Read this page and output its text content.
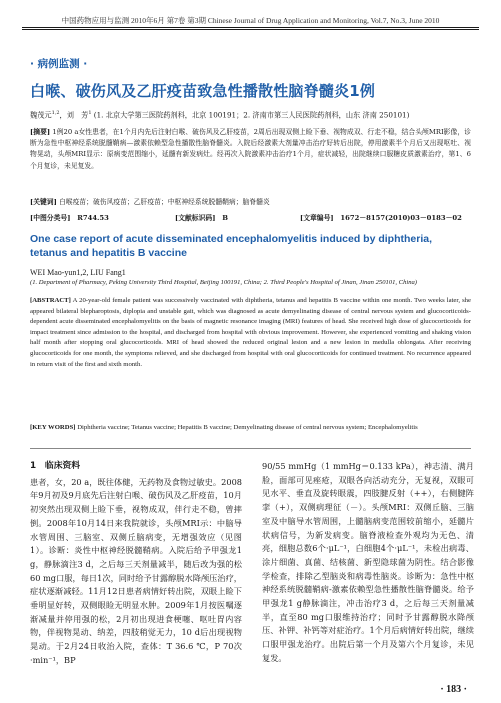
中国药物应用与监测 2010年6月 第7卷 第3期 Chinese Journal of Drug Application and Monitoring, Vol.7, No.3, June 2010
· 病例监测 ·
白喉、破伤风及乙肝疫苗致急性播散性脑脊髓炎1例
魏茂元$^{1,2}$，刘　芳$^1$ (1. 北京大学第三医院药剂科，北京 100191；2. 济南市第三人民医院药剂科，山东 济南 250101)
[摘要] 1例20 a女性患者，在1个月内先后注射白喉、破伤风及乙肝疫苗，2周后出现双侧上睑下垂、视物成双、行走不稳，结合头颅MRI影像，诊断为急性中枢神经系统脱髓鞘病—激素依赖型急性播散性脑脊髓炎。入院后经激素大剂量冲击治疗好转后出院，停用激素半个月后又出现呕吐、视物晃动，头颅MRI显示：原病变范围缩小，延髓有新发病灶。经再次入院激素冲击治疗1个月，症状减轻，出院继续口服糖皮质激素治疗，第1、6个月复诊，未见复发。
[关键词] 白喉疫苗；破伤风疫苗；乙肝疫苗；中枢神经系统脱髓鞘病；脑脊髓炎
[中图分类号]　R744.53	[文献标识码]　B	[文章编号]　1672－8157(2010)03－0183－02
One case report of acute disseminated encephalomyelitis induced by diphtheria, tetanus and hepatitis B vaccine
WEI Mao-yun1,2, LIU Fang1
(1. Department of Pharmacy, Peking University Third Hospital, Beijing 100191, China; 2. Third People's Hospital of Jinan, Jinan 250101, China)
[ABSTRACT] A 20-year-old female patient was successively vaccinated with diphtheria, tetanus and hepatitis B vaccine within one month. Two weeks later, she appeared bilateral blepharoptosis, diplopia and unstable gait, which was diagnosed as acute demyelinating disease of central nervous system and glucocorticoids-dependent acute disseminated encephalomyelitis on the basis of magnetic resonance imaging (MRI) features of head. She received high dose of glucocorticoids for impact treatment since admission to the hospital, and discharged from hospital with obvious improvement. However, she experienced vomiting and shaking vision half month after stopping oral glucocorticoids. MRI of head showed the reduced original lesion and a new lesion in medulla oblongata. After receiving glucocorticoids for one month, the symptoms relieved, and she discharged from hospital with oral glucocorticoids for continued treatment. No recurrence appeared in return visit of the first and sixth month.
[KEY WORDS] Diphtheria vaccine; Tetanus vaccine; Hepatitis B vaccine; Demyelinating disease of central nervous system; Encephalomyelitis
1　临床资料
患者，女，20 a，既往体健，无药物及食物过敏史。2008年9月初及9月底先后注射白喉、破伤风及乙肝疫苗，10月初突然出现双侧上睑下垂，视物成双，伴行走不稳，曾摔倒。2008年10月14日来我院就诊，头颅MRI示：中脑导水管周围、三脑室、双侧丘脑病变，无增强效应（见图1）。诊断：炎性中枢神经脱髓鞘病。入院后给予甲强龙1 g，静脉滴注3 d，之后每三天剂量减半，随后改为强的松60 mg口服，每日1次，同时给予甘露醇脱水降颅压治疗，症状逐渐减轻。11月12日患者病情好转出院，双眼上睑下垂明显好转，双侧眼睑无明显水肿。2009年1月按医嘱逐渐减量并停用强的松，2月初出现进食梗噻、呕吐胃内容物，伴视物晃动、纳差，四肢稍觉无力，10 d后出现视物晃动。于2月24日收治入院，查体：T 36.6 ℃，P 70次·min⁻¹，BP
90/55 mmHg（1 mmHg＝0.133 kPa），神志清、满月脸，面部可见痤疮，双眼各向活动充分，无复视，双眼可见水平、垂直及旋转眼震，四肢腱反射（++），右侧腱阵挛（+），双侧病理征（－）。头颅MRI：双侧丘脑、三脑室及中脑导水管周围，上髓脑病变范围较前缩小，延髓片状病信号，为新发病变。脑脊液检查外观均为无色、清亮，细胞总数6个·μL⁻¹，白细胞4个·μL⁻¹，未检出病毒、涂片细菌、真菌、结核菌、新型隐球菌为阴性。结合影像学检查，排除乙型脑炎和病毒性脑炎。诊断为：急性中枢神经系统脱髓鞘病-激素依赖型急性播散性脑脊髓炎。给予甲强龙1 g静脉滴注，冲击治疗3 d，之后每三天剂量减半，直至80 mg口服维持治疗；同时予甘露醇脱水降颅压、补钾、补钙等对症治疗。1个月后病情好转出院，继续口服甲强龙治疗。出院后第一个月及第六个月复诊，未见复发。
· 183 ·
